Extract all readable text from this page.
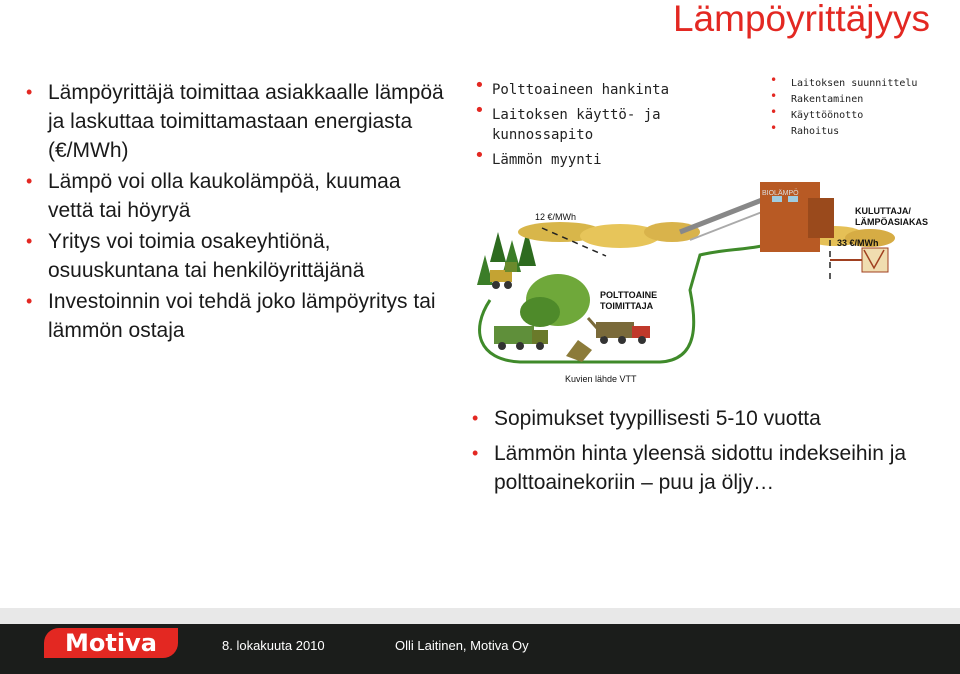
Lämpöyrittäjyys
• Lämpöyrittäjä toimittaa asiakkaalle lämpöä ja laskuttaa toimittamastaan energiasta (€/MWh)
• Lämpö voi olla kaukolämpöä, kuumaa vettä tai höyryä
• Yritys voi toimia osakeyhtiönä, osuuskuntana tai henkilöyrittäjänä
• Investoinnin voi tehdä joko lämpöyritys tai lämmön ostaja
• Polttoaineen hankinta
• Laitoksen käyttö- ja kunnossapito
• Lämmön myynti
• Laitoksen suunnittelu
• Rakentaminen
• Käyttöönotto
• Rahoitus
12 €/MWh
POLTTOAINE TOIMITTAJA
BIOLÄMPÖ
KULUTTAJA/ LÄMPÖASIAKAS
33 €/MWh
Kuvien lähde VTT
• Sopimukset tyypillisesti 5-10 vuotta
• Lämmön hinta yleensä sidottu indekseihin ja polttoainekoriin – puu ja öljy…
Motiva	8. lokakuuta 2010	Olli Laitinen, Motiva Oy
